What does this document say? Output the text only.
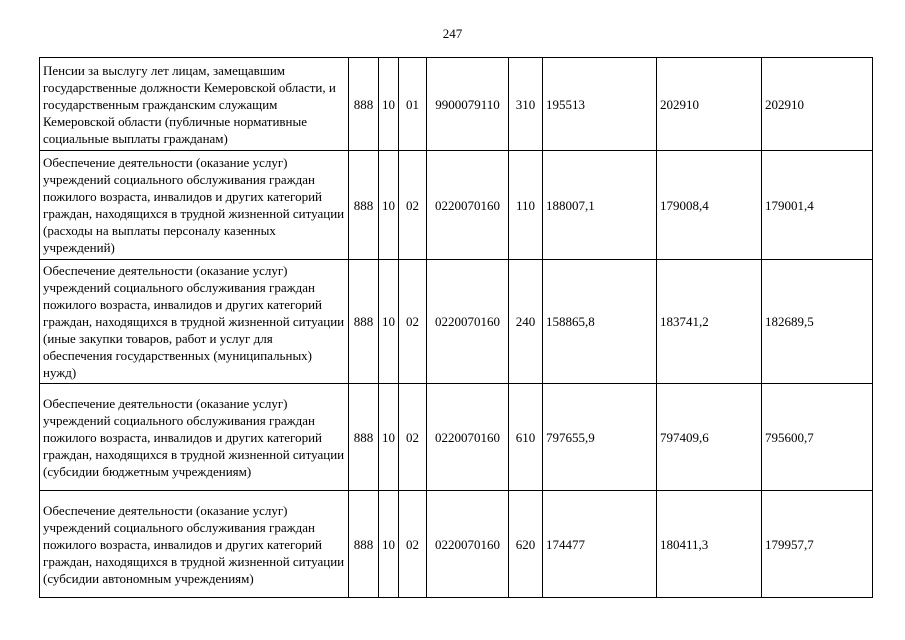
247
Пенсии за выслугу лет лицам, замещавшим государственные должности Кемеровской области, и государственным гражданским служащим Кемеровской области (публичные нормативные социальные выплаты гражданам)	888	10	01	9900079110	310	195513	202910	202910
Обеспечение деятельности (оказание услуг) учреждений социального обслуживания граждан пожилого возраста, инвалидов и других категорий граждан, находящихся в трудной жизненной ситуации (расходы на выплаты персоналу казенных учреждений)	888	10	02	0220070160	110	188007,1	179008,4	179001,4
Обеспечение деятельности (оказание услуг) учреждений социального обслуживания граждан пожилого возраста, инвалидов и других категорий граждан, находящихся в трудной жизненной ситуации (иные закупки товаров, работ и услуг для обеспечения государственных (муниципальных) нужд)	888	10	02	0220070160	240	158865,8	183741,2	182689,5
Обеспечение деятельности (оказание услуг) учреждений социального обслуживания граждан пожилого возраста, инвалидов и других категорий граждан, находящихся в трудной жизненной ситуации (субсидии бюджетным учреждениям)	888	10	02	0220070160	610	797655,9	797409,6	795600,7
Обеспечение деятельности (оказание услуг) учреждений социального обслуживания граждан пожилого возраста, инвалидов и других категорий граждан, находящихся в трудной жизненной ситуации (субсидии автономным учреждениям)	888	10	02	0220070160	620	174477	180411,3	179957,7
